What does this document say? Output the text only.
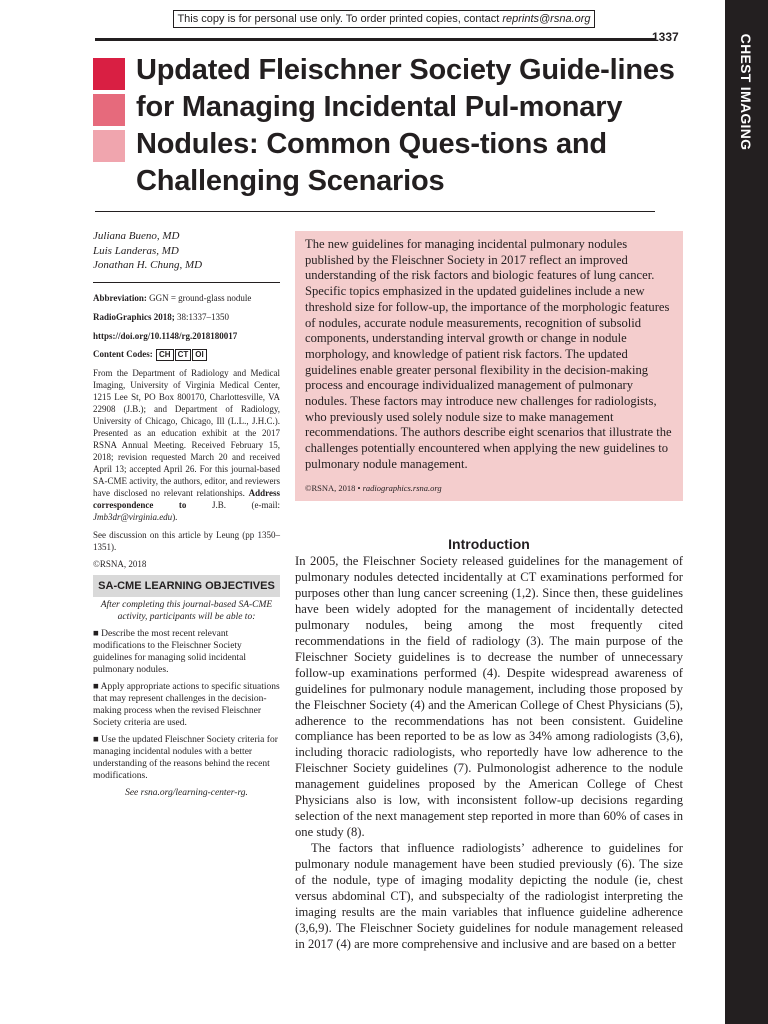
CHEST IMAGING
This copy is for personal use only. To order printed copies, contact reprints@rsna.org
1337
Updated Fleischner Society Guide-lines for Managing Incidental Pul-monary Nodules: Common Ques-tions and Challenging Scenarios
Juliana Bueno, MD
Luis Landeras, MD
Jonathan H. Chung, MD

Abbreviation: GGN = ground-glass nodule

RadioGraphics 2018; 38:1337–1350

https://doi.org/10.1148/rg.2018180017

Content Codes: CH CT OI

From the Department of Radiology and Medical Imaging, University of Virginia Medical Center, 1215 Lee St, PO Box 800170, Charlottesville, VA 22908 (J.B.); and Department of Radiology, University of Chicago, Chicago, Ill (L.L., J.H.C.). Presented as an education exhibit at the 2017 RSNA Annual Meeting. Received February 15, 2018; revision requested March 20 and received April 13; accepted April 26. For this journal-based SA-CME activity, the authors, editor, and reviewers have disclosed no relevant relationships. Address correspondence to J.B. (e-mail: Jmb3dr@virginia.edu).

See discussion on this article by Leung (pp 1350–1351).

©RSNA, 2018

SA-CME LEARNING OBJECTIVES

After completing this journal-based SA-CME activity, participants will be able to:

■ Describe the most recent relevant modifications to the Fleischner Society guidelines for managing solid incidental pulmonary nodules.

■ Apply appropriate actions to specific situations that may represent challenges in the decision-making process when the revised Fleischner Society criteria are used.

■ Use the updated Fleischner Society criteria for managing incidental nodules with a better understanding of the reasons behind the recent modifications.

See rsna.org/learning-center-rg.

The new guidelines for managing incidental pulmonary nodules published by the Fleischner Society in 2017 reflect an improved understanding of the risk factors and biologic features of lung cancer. Specific topics emphasized in the updated guidelines include a new threshold size for follow-up, the importance of the morphologic features of nodules, accurate nodule measurements, recognition of subsolid components, understanding interval growth or change in nodule morphology, and knowledge of patient risk factors. The updated guidelines enable greater personal flexibility in the decision-making process and encourage individualized management of pulmonary nodules. These factors may introduce new challenges for radiologists, who previously used solely nodule size to make management recommendations. The authors describe eight scenarios that illustrate the challenges potentially encountered when applying the new guidelines to pulmonary nodule management.
©RSNA, 2018 • radiographics.rsna.org
Introduction

In 2005, the Fleischner Society released guidelines for the management of pulmonary nodules detected incidentally at CT examinations performed for purposes other than lung cancer screening (1,2). Since then, these guidelines have been widely adopted for the management of incidentally detected pulmonary nodules, being among the most frequently cited recommendations in the field of radiology (3). The main purpose of the Fleischner Society guidelines is to decrease the number of unnecessary follow-up examinations performed (4). Despite widespread awareness of guidelines for pulmonary nodule management, including those proposed by the Fleischner Society (4) and the American College of Chest Physicians (5), adherence to the recommendations has not been consistent. Guideline compliance has been reported to be as low as 34% among radiologists (3,6), including thoracic radiologists, who reportedly have low adherence to the Fleischner Society guidelines (7). Pulmonologist adherence to the nodule management guidelines proposed by the American College of Chest Physicians also is low, with inconsistent follow-up decisions regarding selection of the next management step reported in more than 60% of cases in one study (8).

The factors that influence radiologists’ adherence to guidelines for pulmonary nodule management have been studied previously (6). The size of the nodule, type of imaging modality depicting the nodule (ie, chest versus abdominal CT), and subspecialty of the radiologist interpreting the imaging results are the main variables that influence guideline adherence (3,6,9). The Fleischner Society guidelines for nodule management released in 2017 (4) are more comprehensive and inclusive and are based on a better
